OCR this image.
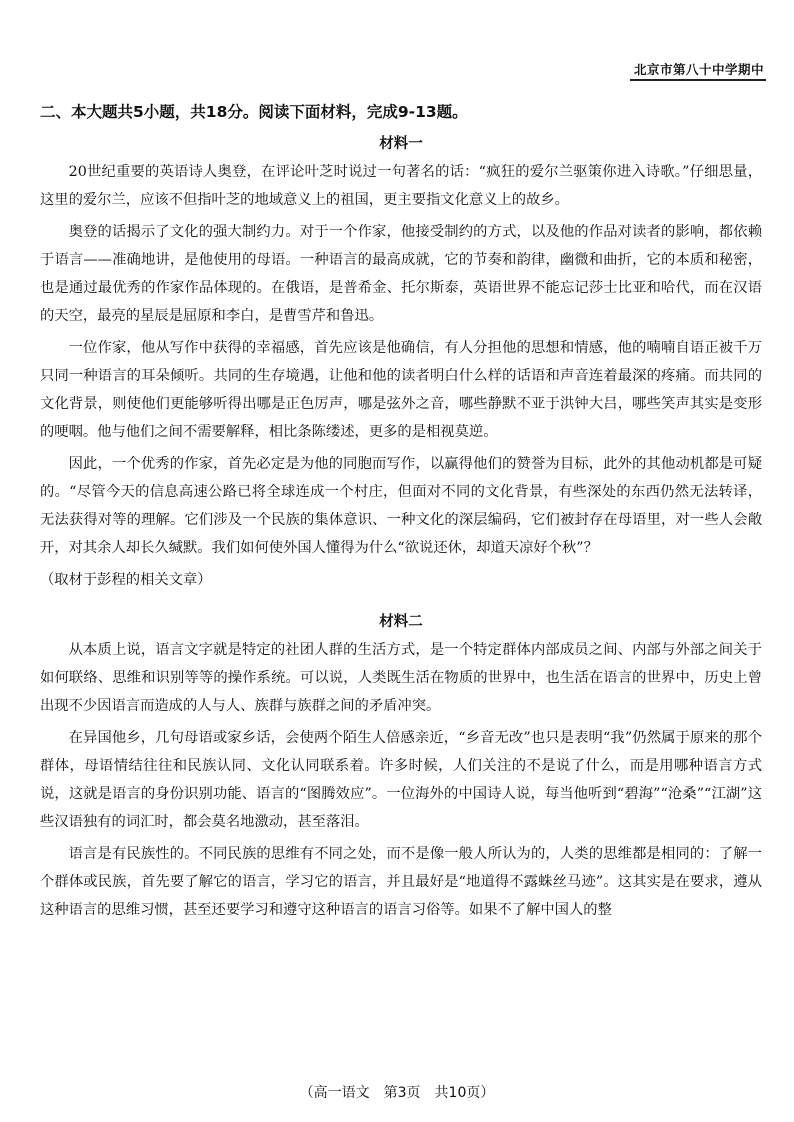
北京市第八十中学期中
二、本大题共5小题，共18分。阅读下面材料，完成9-13题。
材料一

20世纪重要的英语诗人奥登，在评论叶芝时说过一句著名的话：“疯狂的爱尔兰驱策你进入诗歌。”仔细思量，这里的爱尔兰，应该不但指叶芝的地域意义上的祖国，更主要指文化意义上的故乡。

奥登的话揭示了文化的强大制约力。对于一个作家，他接受制约的方式，以及他的作品对读者的影响，都依赖于语言——准确地讲，是他使用的母语。一种语言的最高成就，它的节奏和韵律，幽微和曲折，它的本质和秘密，也是通过最优秀的作家作品体现的。在俄语，是普希金、托尔斯泰，英语世界不能忘记莎士比亚和哈代，而在汉语的天空，最亮的星辰是屈原和李白，是曹雪芹和鲁迅。

一位作家，他从写作中获得的幸福感，首先应该是他确信，有人分担他的思想和情感，他的喃喃自语正被千万只同一种语言的耳朵倾听。共同的生存境遇，让他和他的读者明白什么样的话语和声音连着最深的疼痛。而共同的文化背景，则使他们更能够听得出哪是正色厉声，哪是弦外之音，哪些静默不亚于洪钟大吕，哪些笑声其实是变形的哽咽。他与他们之间不需要解释，相比条陈缕述，更多的是相视莫逆。

因此，一个优秀的作家，首先必定是为他的同胞而写作，以赢得他们的赞誉为目标，此外的其他动机都是可疑的。“尽管今天的信息高速公路已将全球连成一个村庄，但面对不同的文化背景，有些深处的东西仍然无法转译，无法获得对等的理解。它们涉及一个民族的集体意识、一种文化的深层编码，它们被封存在母语里，对一些人会敞开，对其余人却长久缄默。我们如何使外国人懂得为什么“欲说还休，却道天凉好个秋”？

（取材于彭程的相关文章）

材料二

从本质上说，语言文字就是特定的社团人群的生活方式，是一个特定群体内部成员之间、内部与外部之间关于如何联络、思维和识别等等的操作系统。可以说，人类既生活在物质的世界中，也生活在语言的世界中，历史上曾出现不少因语言而造成的人与人、族群与族群之间的矛盾冲突。

在异国他乡，几句母语或家乡话，会使两个陌生人倍感亲近，“乡音无改”也只是表明“我”仍然属于原来的那个群体，母语情结往往和民族认同、文化认同联系着。许多时候，人们关注的不是说了什么，而是用哪种语言方式说，这就是语言的身份识别功能、语言的“图腾效应”。一位海外的中国诗人说，每当他听到“碧海”“沧桑”“江湖”这些汉语独有的词汇时，都会莫名地激动，甚至落泪。

语言是有民族性的。不同民族的思维有不同之处，而不是像一般人所认为的，人类的思维都是相同的：了解一个群体或民族，首先要了解它的语言，学习它的语言，并且最好是“地道得不露蛛丝马迹”。这其实是在要求，遵从这种语言的思维习惯，甚至还要学习和遵守这种语言的语言习俗等。如果不了解中国人的整

（高一语文　第3页　共10页）
